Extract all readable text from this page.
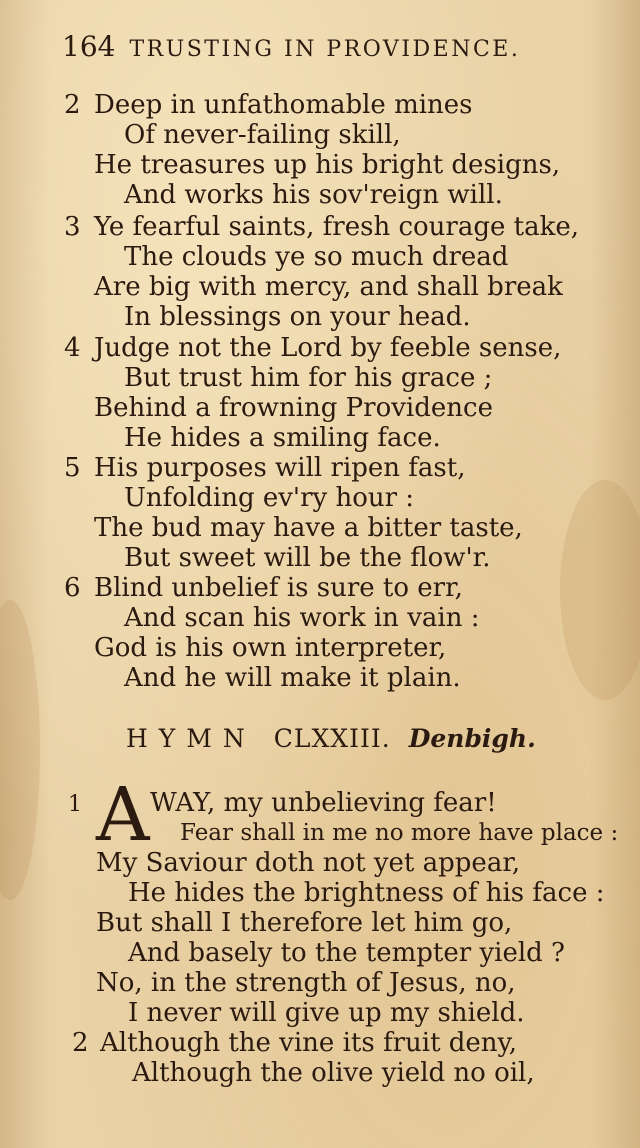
164 TRUSTING IN PROVIDENCE.
2 Deep in unfathomable mines
Of never-failing skill,
He treasures up his bright designs,
And works his sov'reign will.
3 Ye fearful saints, fresh courage take,
The clouds ye so much dread
Are big with mercy, and shall break
In blessings on your head.
4 Judge not the Lord by feeble sense,
But trust him for his grace ;
Behind a frowning Providence
He hides a smiling face.
5 His purposes will ripen fast,
Unfolding ev'ry hour :
The bud may have a bitter taste,
But sweet will be the flow'r.
6 Blind unbelief is sure to err,
And scan his work in vain :
God is his own interpreter,
And he will make it plain.
HYMN CLXXIII. Denbigh.
1 A WAY, my unbelieving fear!
Fear shall in me no more have place :
My Saviour doth not yet appear,
He hides the brightness of his face :
But shall I therefore let him go,
And basely to the tempter yield ?
No, in the strength of Jesus, no,
I never will give up my shield.
2 Although the vine its fruit deny,
Although the olive yield no oil,
